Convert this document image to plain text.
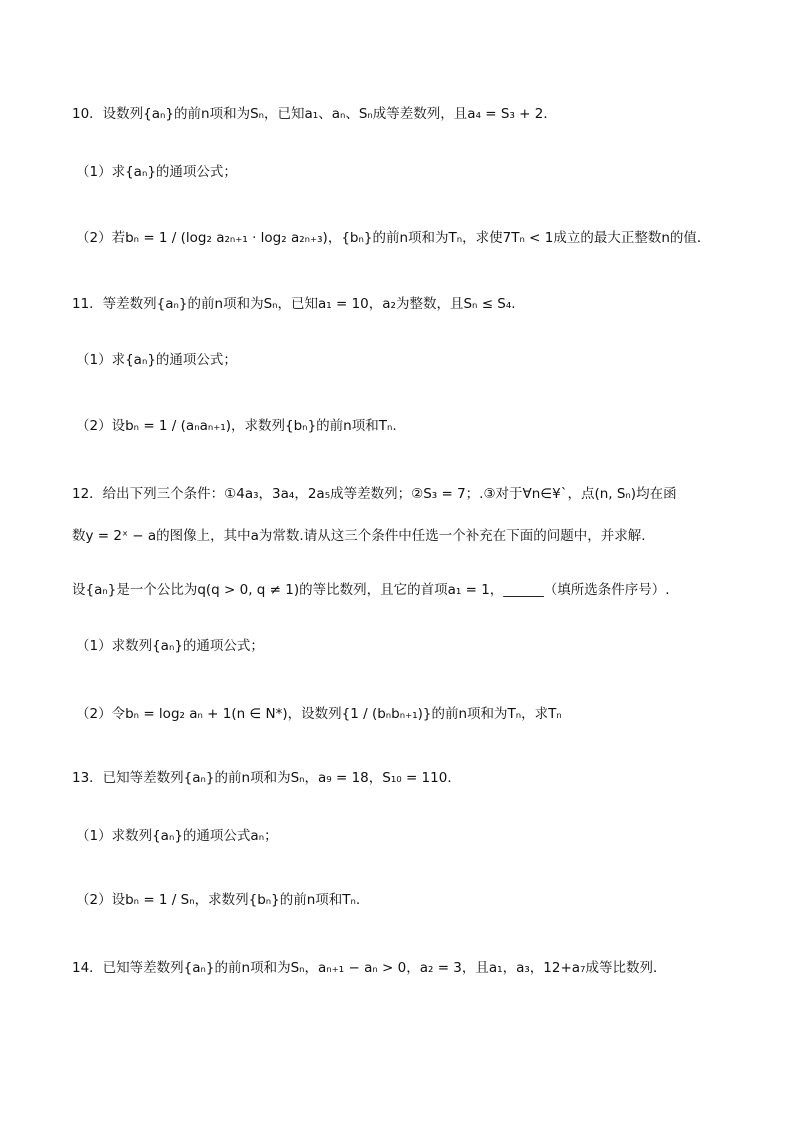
10．设数列{aₙ}的前n项和为Sₙ，已知a₁、aₙ、Sₙ成等差数列，且a₄ = S₃ + 2．
（1）求{aₙ}的通项公式；
（2）若bₙ = 1 / (log₂ a₂ₙ₊₁ · log₂ a₂ₙ₊₃)，{bₙ}的前n项和为Tₙ，求使7Tₙ < 1成立的最大正整数n的值．
11．等差数列{aₙ}的前n项和为Sₙ，已知a₁ = 10，a₂为整数，且Sₙ ≤ S₄.
（1）求{aₙ}的通项公式；
（2）设bₙ = 1 / (aₙaₙ₊₁)，求数列{bₙ}的前n项和Tₙ.
12．给出下列三个条件：①4a₃，3a₄，2a₅成等差数列；②S₃ = 7；.③对于∀n∈¥`，点(n, Sₙ)均在函
数y = 2ˣ − a的图像上，其中a为常数.请从这三个条件中任选一个补充在下面的问题中，并求解.
设{aₙ}是一个公比为q(q > 0, q ≠ 1)的等比数列，且它的首项a₁ = 1，______（填所选条件序号）.
（1）求数列{aₙ}的通项公式；
（2）令bₙ = log₂ aₙ + 1(n ∈ N*)，设数列{1 / (bₙbₙ₊₁)}的前n项和为Tₙ，求Tₙ
13．已知等差数列{aₙ}的前n项和为Sₙ，a₉ = 18，S₁₀ = 110．
（1）求数列{aₙ}的通项公式aₙ；
（2）设bₙ = 1 / Sₙ，求数列{bₙ}的前n项和Tₙ.
14．已知等差数列{aₙ}的前n项和为Sₙ，aₙ₊₁ − aₙ > 0，a₂ = 3，且a₁，a₃，12+a₇成等比数列．
